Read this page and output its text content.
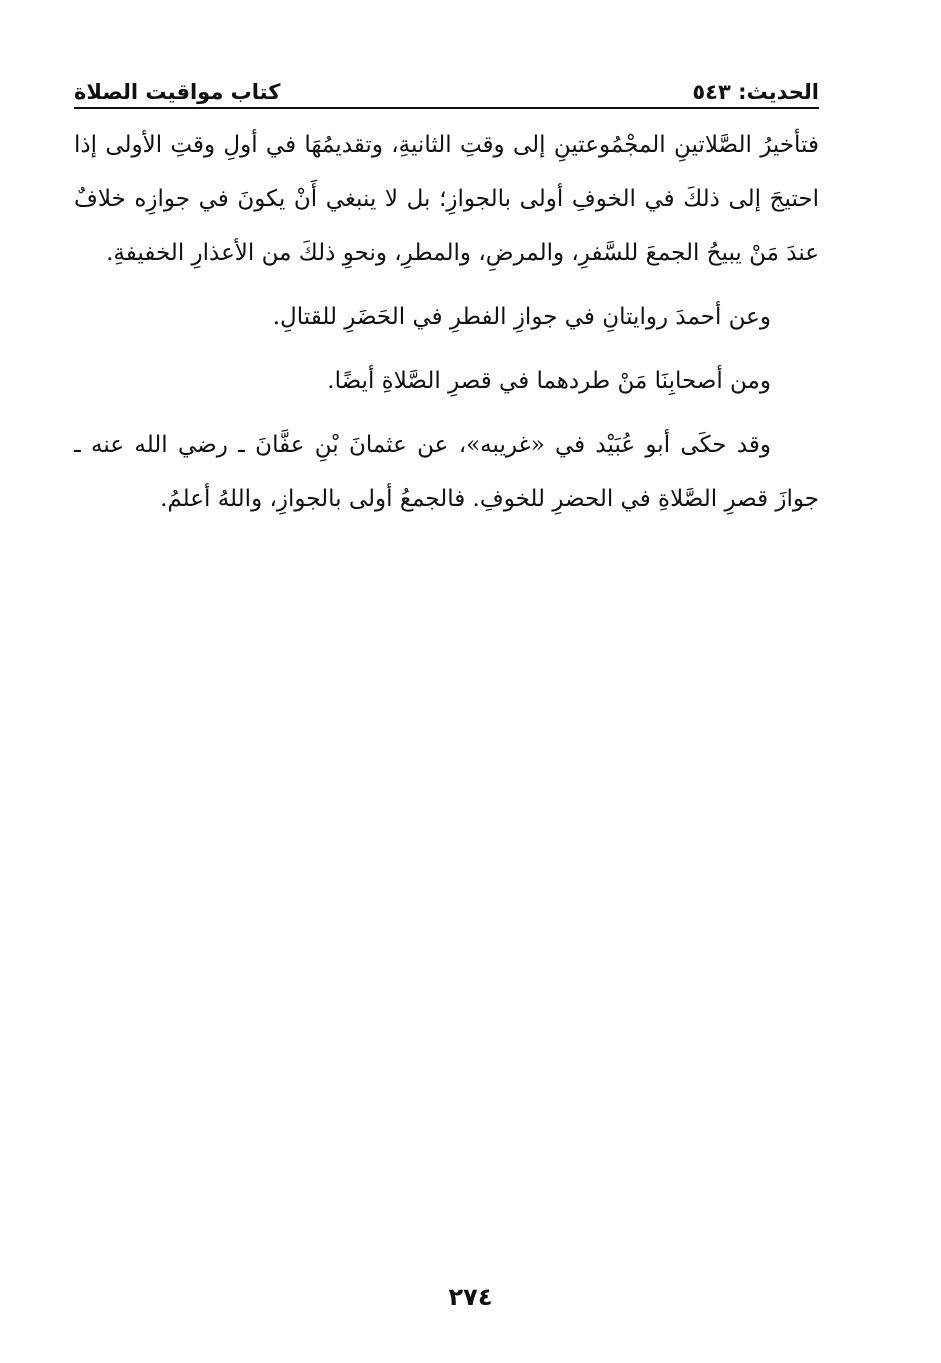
الحديث: ٥٤٣
كتاب مواقيت الصلاة

فتأخيرُ الصَّلاتينِ المجْمُوعتينِ إلى وقتِ الثانيةِ، وتقديمُهَا في أولِ وقتِ الأولى إذا احتيجَ إلى ذلكَ في الخوفِ أولى بالجوازِ؛ بل لا ينبغي أَنْ يكونَ في جوازِه خلافٌ عندَ مَنْ يبيحُ الجمعَ للسَّفرِ، والمرضِ، والمطرِ، ونحوِ ذلكَ من الأعذارِ الخفيفةِ.

وعن أحمدَ روايتانِ في جوازِ الفطرِ في الحَضَرِ للقتالِ.

ومن أصحابِنَا مَنْ طردهما في قصرِ الصَّلاةِ أيضًا.

وقد حكَى أبو عُبَيْد في «غريبه»، عن عثمانَ بْنِ عفَّانَ ـ رضي الله عنه ـ جوازَ قصرِ الصَّلاةِ في الحضرِ للخوفِ. فالجمعُ أولى بالجوازِ، واللهُ أعلمُ.

٢٧٤
